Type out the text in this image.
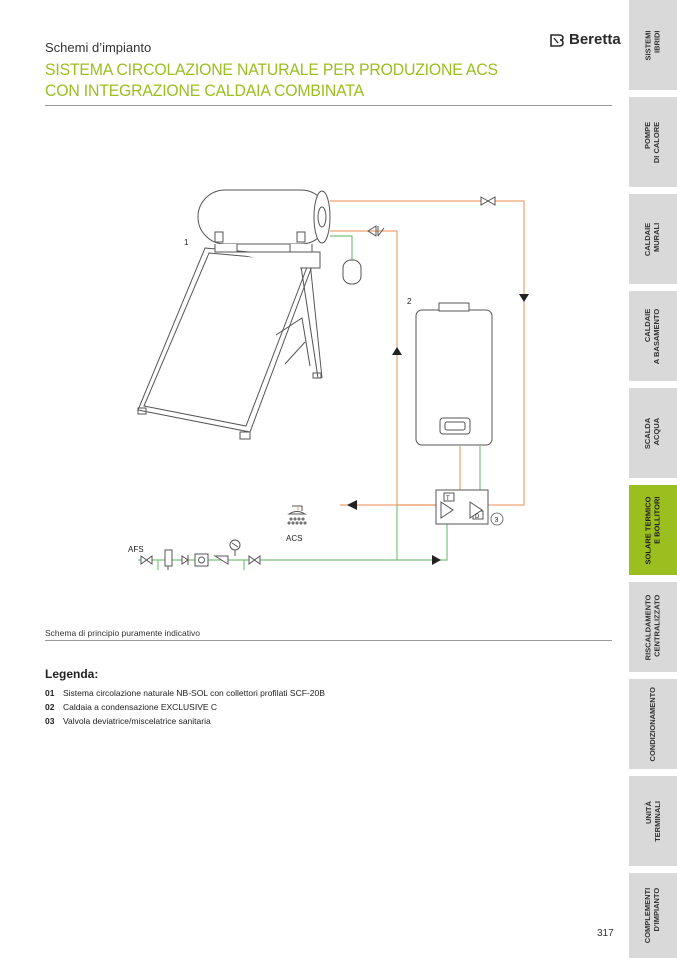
Schemi d’impianto
SISTEMA CIRCOLAZIONE NATURALE PER PRODUZIONE ACS
CON INTEGRAZIONE CALDAIA COMBINATA
Beretta
1
2
T
D 3
ACS
AFS
Schema di principio puramente indicativo
Legenda:
01	Sistema circolazione naturale NB-SOL con collettori profilati SCF-20B
02	Caldaia a condensazione EXCLUSIVE C
03	Valvola deviatrice/miscelatrice sanitaria
317
SISTEMI
IBRIDI
POMPE
DI CALORE
CALDAIE
MURALI
CALDAIE
A BASAMENTO
SCALDA
ACQUA
SOLARE TERMICO
E BOLLITORI
RISCALDAMENTO
CENTRALIZZATO
CONDIZIONAMENTO
UNITÀ
TERMINALI
COMPLEMENTI
D'IMPIANTO
